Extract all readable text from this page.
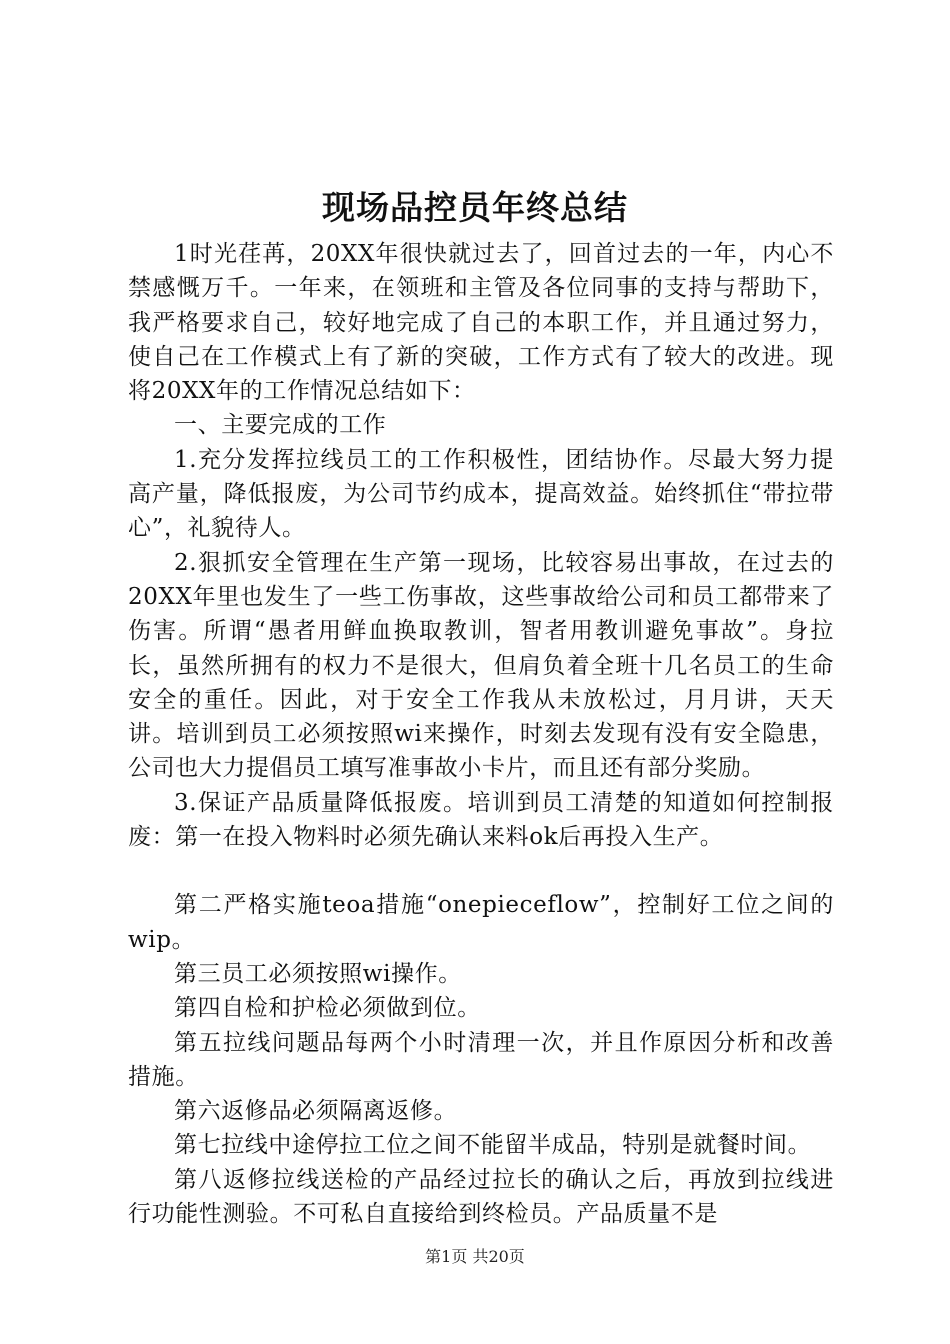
现场品控员年终总结

1时光荏苒，20XX年很快就过去了，回首过去的一年，内心不禁感慨万千。一年来，在领班和主管及各位同事的支持与帮助下，我严格要求自己，较好地完成了自己的本职工作，并且通过努力，使自己在工作模式上有了新的突破，工作方式有了较大的改进。现将20XX年的工作情况总结如下：

一、主要完成的工作

1.充分发挥拉线员工的工作积极性，团结协作。尽最大努力提高产量，降低报废，为公司节约成本，提高效益。始终抓住“带拉带心”，礼貌待人。

2.狠抓安全管理在生产第一现场，比较容易出事故，在过去的20XX年里也发生了一些工伤事故，这些事故给公司和员工都带来了伤害。所谓“愚者用鲜血换取教训，智者用教训避免事故”。身拉长，虽然所拥有的权力不是很大，但肩负着全班十几名员工的生命安全的重任。因此，对于安全工作我从未放松过，月月讲，天天讲。培训到员工必须按照wi来操作，时刻去发现有没有安全隐患，公司也大力提倡员工填写准事故小卡片，而且还有部分奖励。

3.保证产品质量降低报废。培训到员工清楚的知道如何控制报废：第一在投入物料时必须先确认来料ok后再投入生产。

第二严格实施teoa措施“onepieceflow”，控制好工位之间的wip。

第三员工必须按照wi操作。

第四自检和护检必须做到位。

第五拉线问题品每两个小时清理一次，并且作原因分析和改善措施。

第六返修品必须隔离返修。

第七拉线中途停拉工位之间不能留半成品，特别是就餐时间。

第八返修拉线送检的产品经过拉长的确认之后，再放到拉线进行功能性测验。不可私自直接给到终检员。产品质量不是

第1页 共20页
